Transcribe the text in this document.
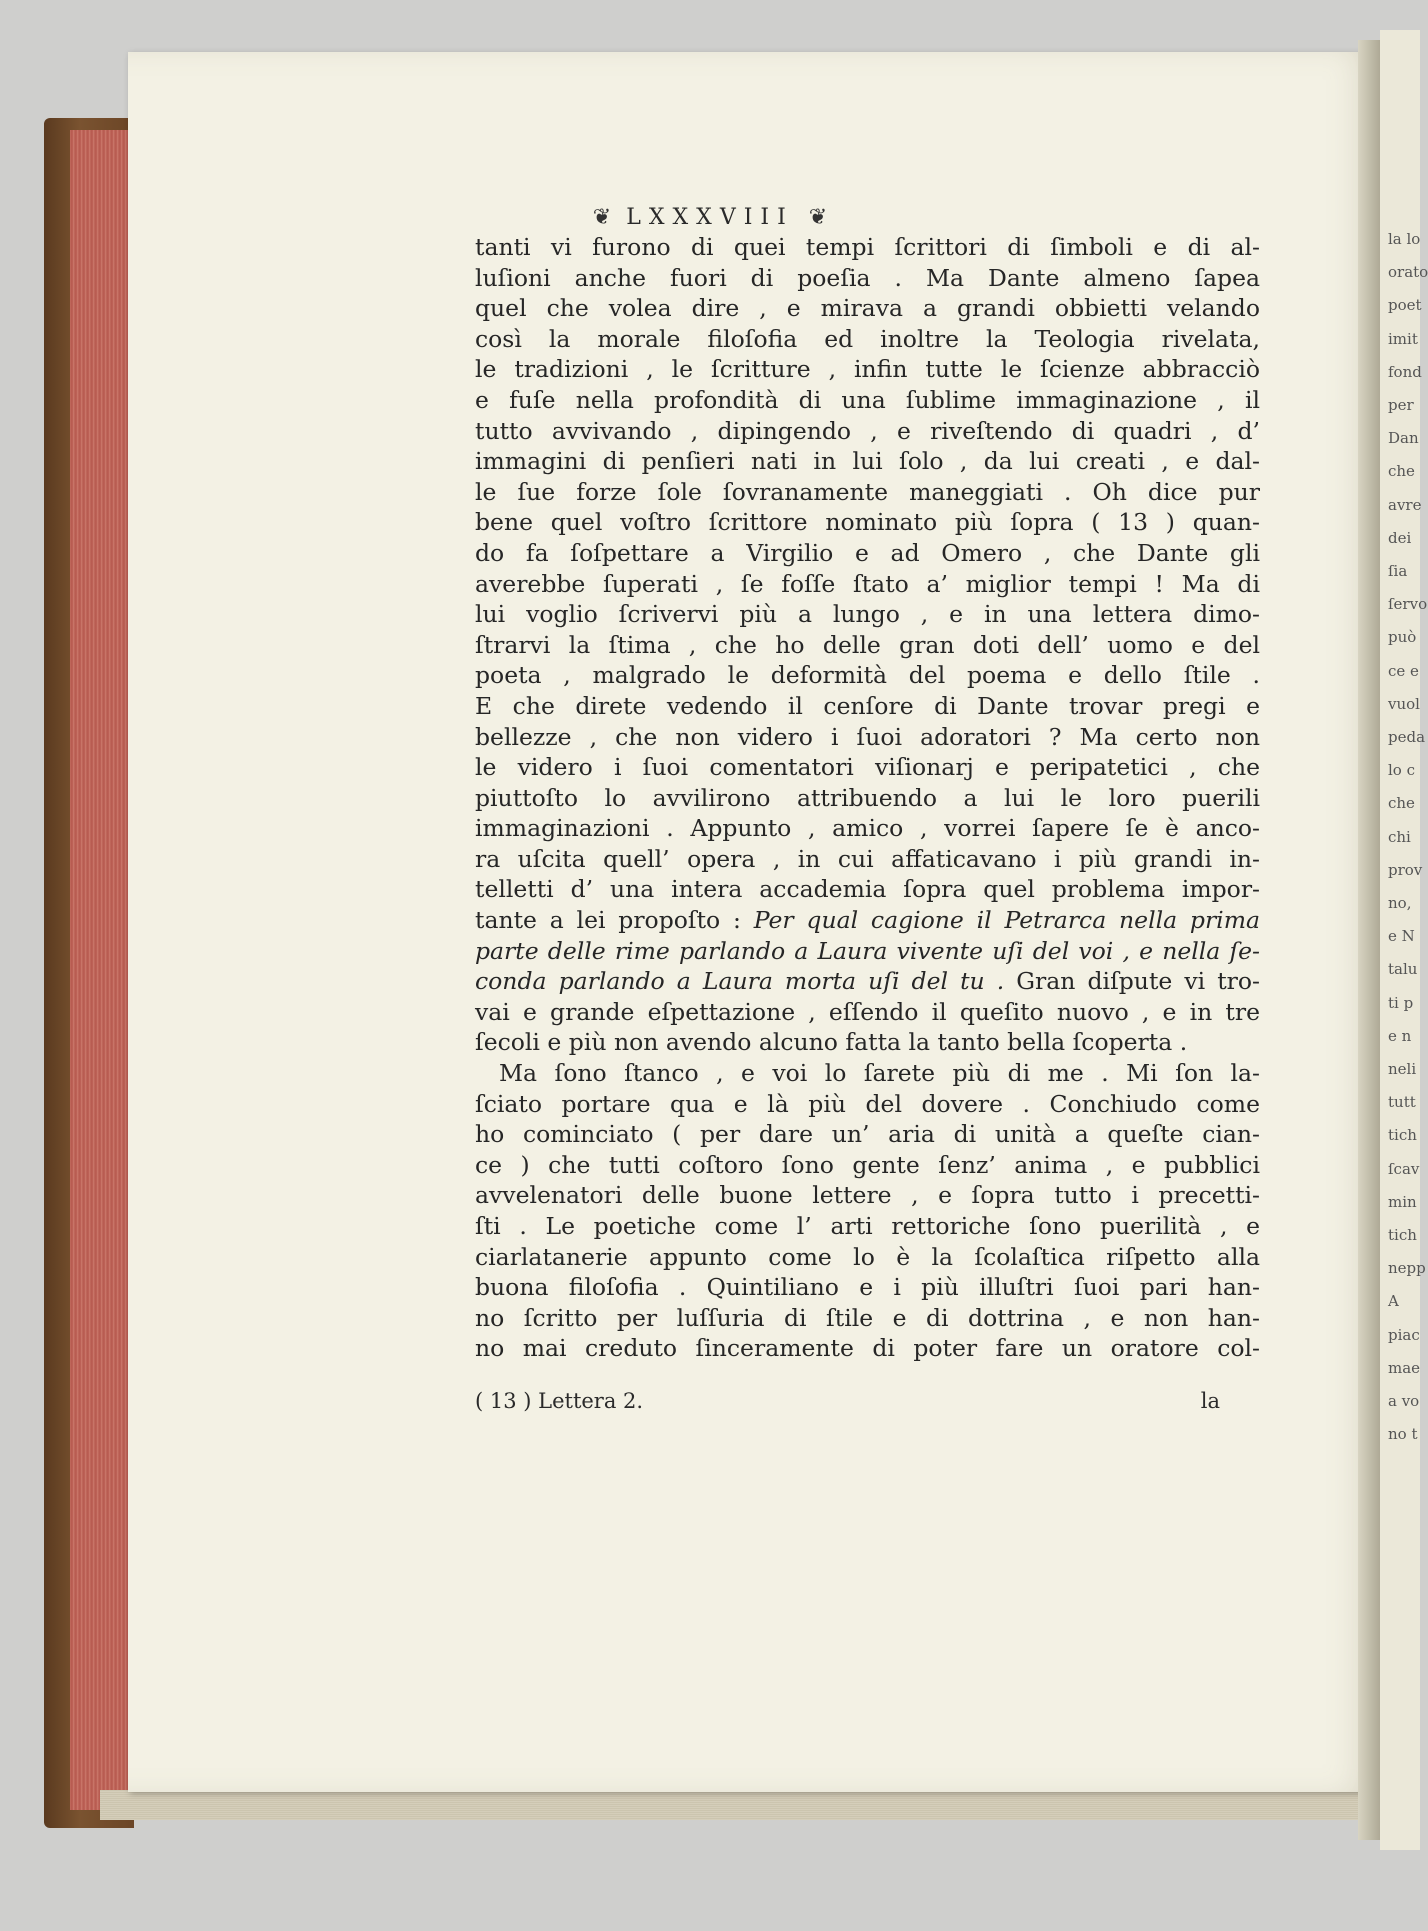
la lo
orato
poet
imit
fond
per
Dan
che
avre
dei
ſia
ſervo
può
ce e
vuol
peda
lo c
che
chi
prov
no,
e N
talu
ti p
e n
neli
tutt
tich
ſcav
min
tich
nepp
A
piac
mae
a vo
no t
❦ LXXXVIII ❦
tanti vi furono di quei tempi ſcrittori di ſimboli e di al-
luſioni anche fuori di poeſia . Ma Dante almeno ſapea
quel che volea dire , e mirava a grandi obbietti velando
così la morale filoſofia ed inoltre la Teologia rivelata,
le tradizioni , le ſcritture , infin tutte le ſcienze abbracciò
e fuſe nella profondità di una ſublime immaginazione , il
tutto avvivando , dipingendo , e riveſtendo di quadri , d’
immagini di penſieri nati in lui ſolo , da lui creati , e dal-
le ſue forze ſole ſovranamente maneggiati . Oh dice pur
bene quel voſtro ſcrittore nominato più ſopra ( 13 ) quan-
do fa ſoſpettare a Virgilio e ad Omero , che Dante gli
averebbe ſuperati , ſe foſſe ſtato a’ miglior tempi ! Ma di
lui voglio ſcrivervi più a lungo , e in una lettera dimo-
ſtrarvi la ſtima , che ho delle gran doti dell’ uomo e del
poeta , malgrado le deformità del poema e dello ſtile .
E che direte vedendo il cenſore di Dante trovar pregi e
bellezze , che non videro i ſuoi adoratori ? Ma certo non
le videro i ſuoi comentatori viſionarj e peripatetici , che
piuttoſto lo avvilirono attribuendo a lui le loro puerili
immaginazioni . Appunto , amico , vorrei ſapere ſe è anco-
ra uſcita quell’ opera , in cui affaticavano i più grandi in-
telletti d’ una intera accademia ſopra quel problema impor-
tante a lei propoſto : Per qual cagione il Petrarca nella prima
parte delle rime parlando a Laura vivente uſi del voi , e nella ſe-
conda parlando a Laura morta uſi del tu . Gran diſpute vi tro-
vai e grande eſpettazione , eſſendo il queſito nuovo , e in tre
ſecoli e più non avendo alcuno fatta la tanto bella ſcoperta .
Ma ſono ſtanco , e voi lo ſarete più di me . Mi ſon la-
ſciato portare qua e là più del dovere . Conchiudo come
ho cominciato ( per dare un’ aria di unità a queſte cian-
ce ) che tutti coſtoro ſono gente ſenz’ anima , e pubblici
avvelenatori delle buone lettere , e ſopra tutto i precetti-
ſti . Le poetiche come l’ arti rettoriche ſono puerilità , e
ciarlatanerie appunto come lo è la ſcolaſtica riſpetto alla
buona filoſofia . Quintiliano e i più illuſtri ſuoi pari han-
no ſcritto per luſſuria di ſtile e di dottrina , e non han-
no mai creduto ſinceramente di poter fare un oratore col-
( 13 ) Lettera 2.	la
